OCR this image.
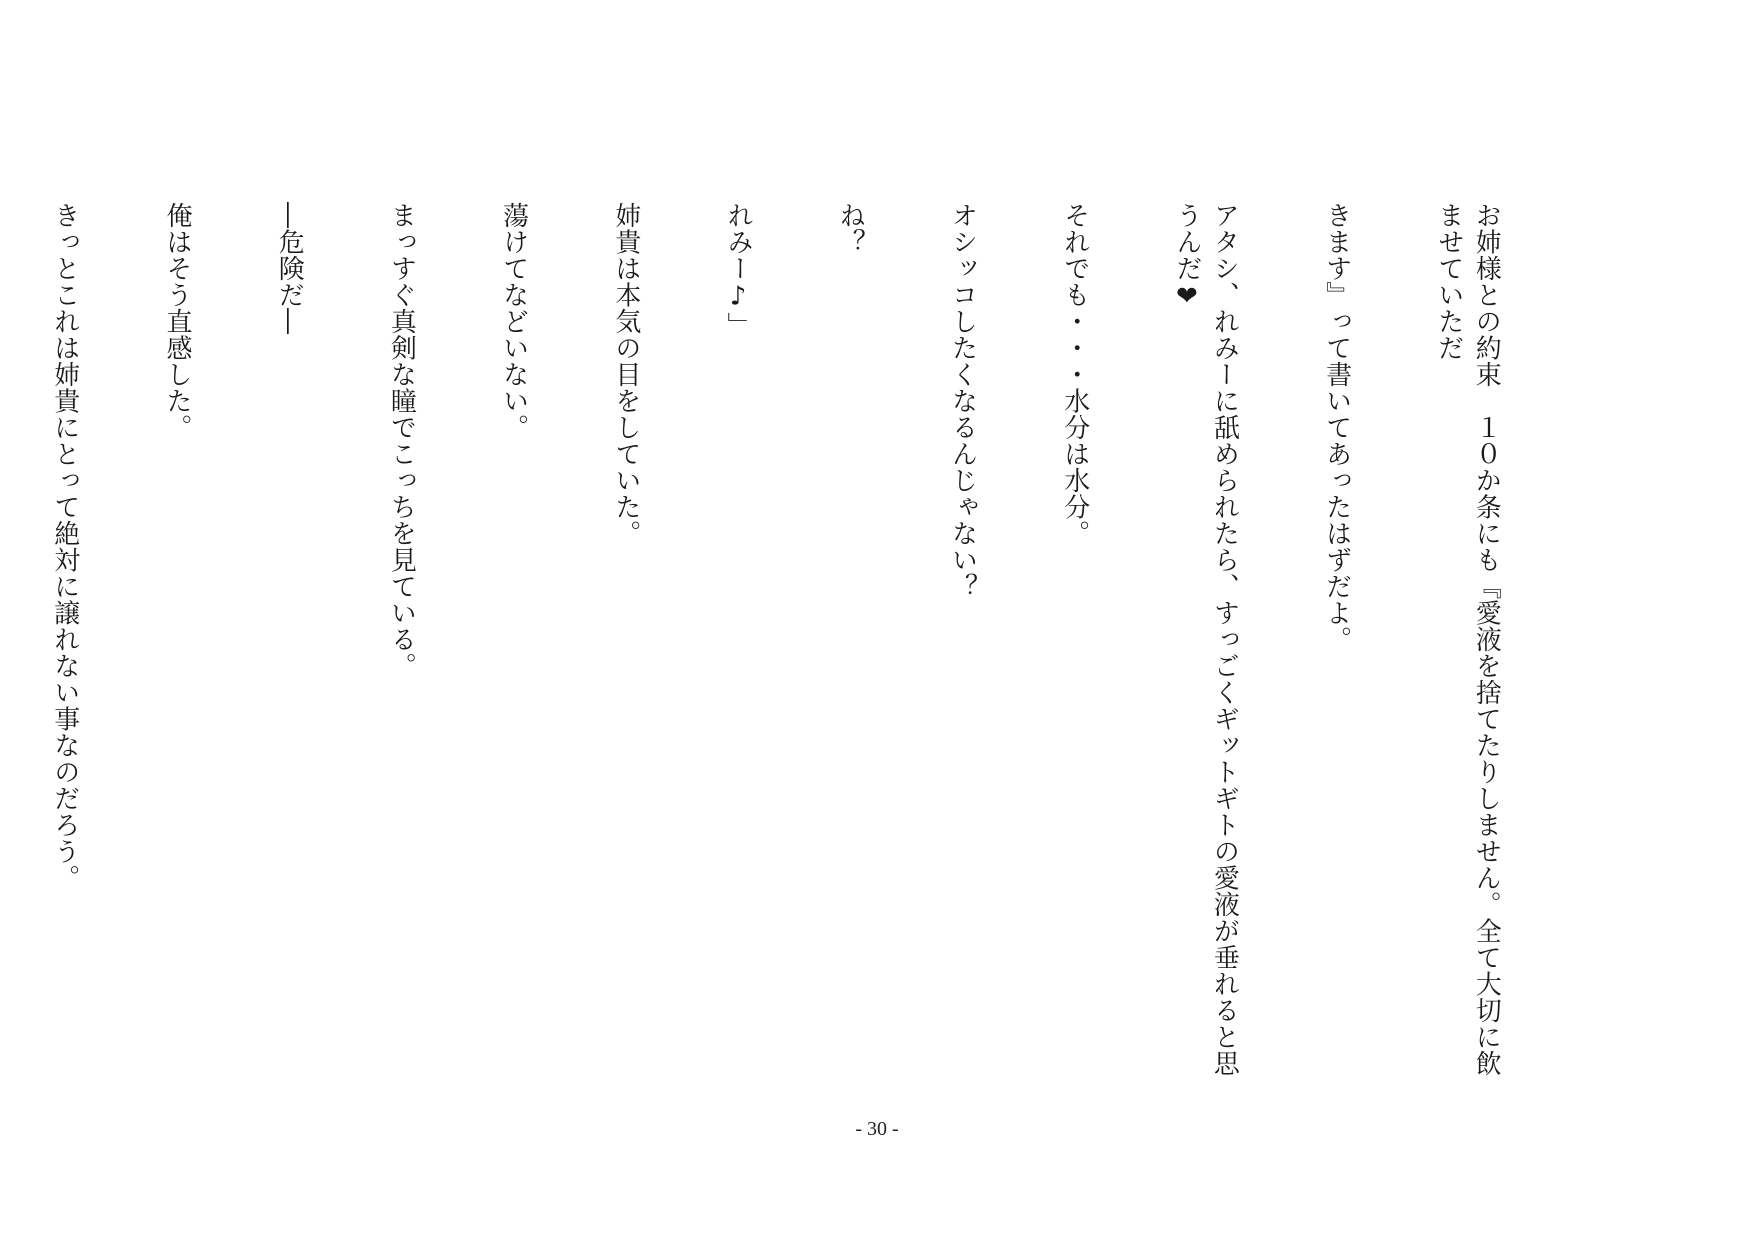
お姉様との約束　１０か条にも『愛液を捨てたりしません。全て大切に飲ませていただ

きます』って書いてあったはずだよ。

アタシ、れみーに舐められたら、すっごくギットギトの愛液が垂れると思うんだ❤

それでも・・・水分は水分。

オシッコしたくなるんじゃない？

ね？

れみー♪」

姉貴は本気の目をしていた。

蕩けてなどいない。

まっすぐ真剣な瞳でこっちを見ている。

―危険だ―

俺はそう直感した。

きっとこれは姉貴にとって絶対に譲れない事なのだろう。

- 30 -
